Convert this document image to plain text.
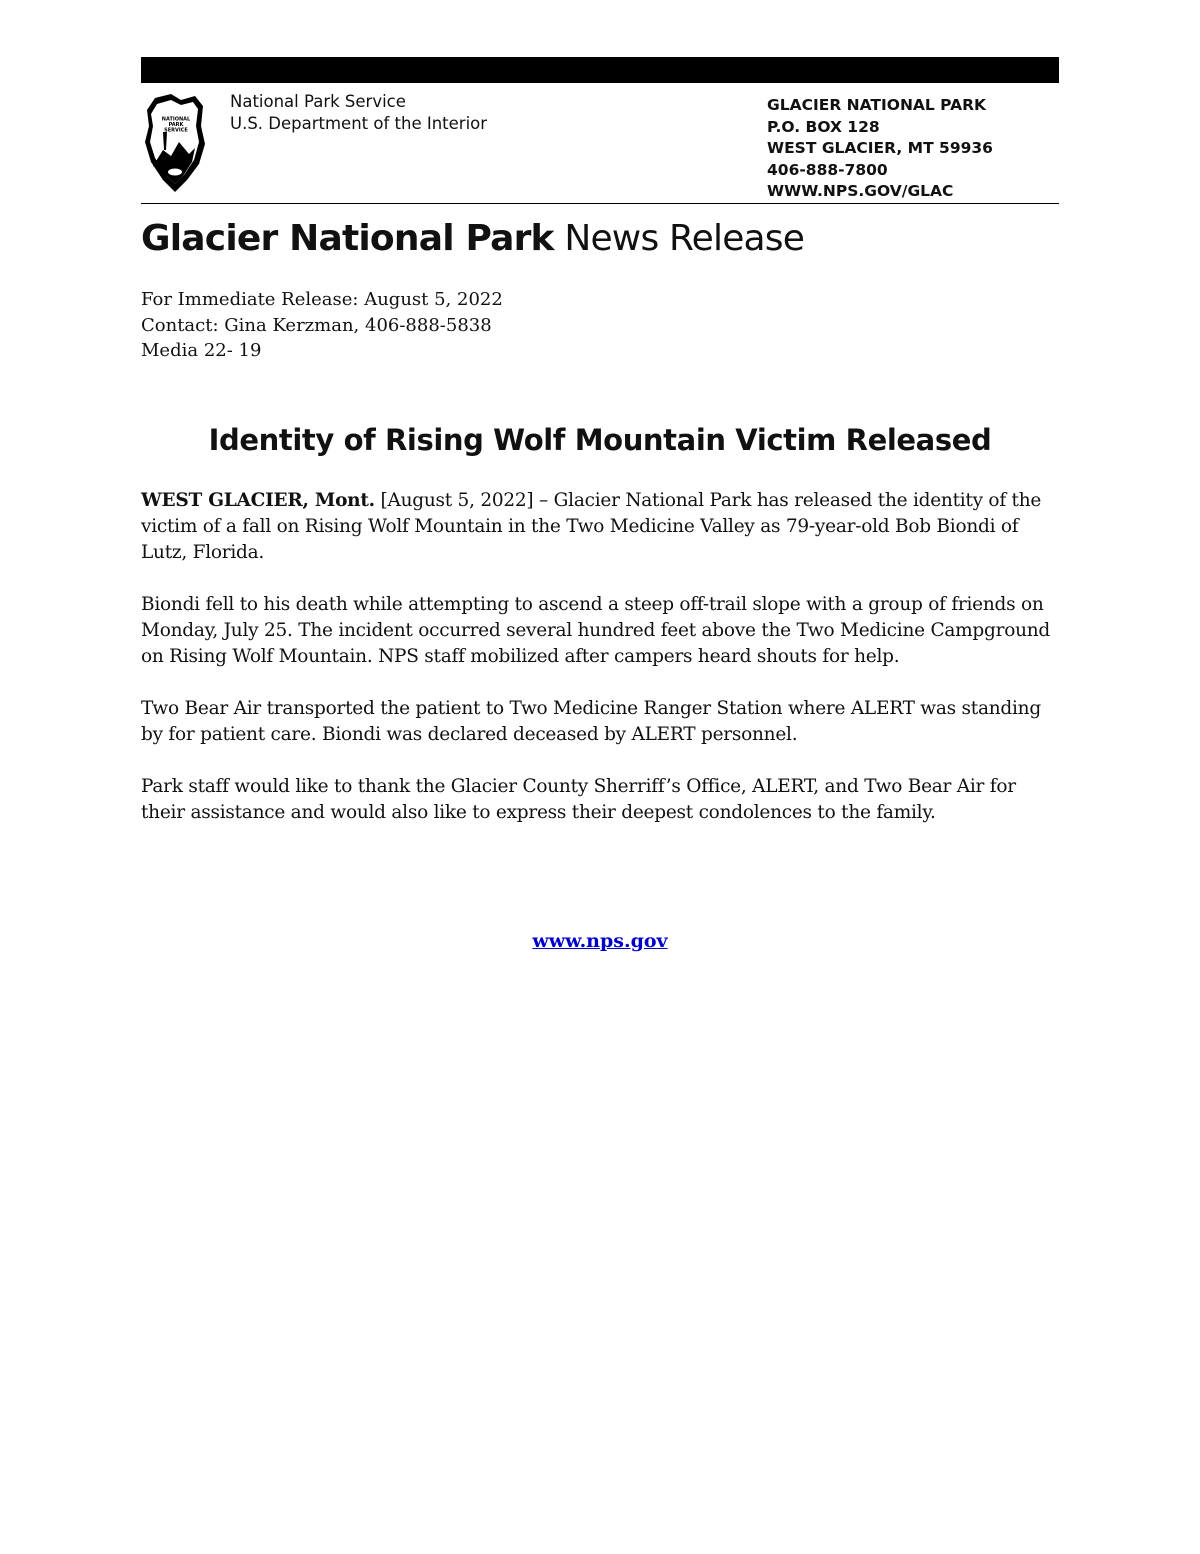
NATIONAL
PARK
SERVICE
National Park Service
U.S. Department of the Interior
GLACIER NATIONAL PARK
P.O. BOX 128
WEST GLACIER, MT 59936
406-888-7800
WWW.NPS.GOV/GLAC
Glacier National Park News Release
For Immediate Release: August 5, 2022
Contact: Gina Kerzman, 406-888-5838
Media 22- 19
Identity of Rising Wolf Mountain Victim Released

WEST GLACIER, Mont. [August 5, 2022] – Glacier National Park has released the identity of the victim of a fall on Rising Wolf Mountain in the Two Medicine Valley as 79-year-old Bob Biondi of Lutz, Florida.

Biondi fell to his death while attempting to ascend a steep off-trail slope with a group of friends on Monday, July 25. The incident occurred several hundred feet above the Two Medicine Campground on Rising Wolf Mountain. NPS staff mobilized after campers heard shouts for help.

Two Bear Air transported the patient to Two Medicine Ranger Station where ALERT was standing by for patient care. Biondi was declared deceased by ALERT personnel.

Park staff would like to thank the Glacier County Sherriff’s Office, ALERT, and Two Bear Air for their assistance and would also like to express their deepest condolences to the family.

www.nps.gov
